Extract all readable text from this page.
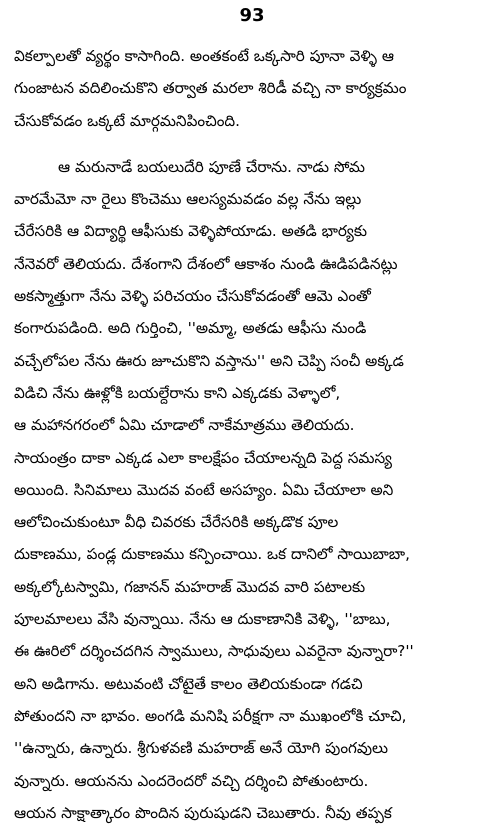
93
వికల్పాలతో వ్యర్థం కాసాగింది. అంతకంటే ఒక్కసారి పూనా వెళ్ళి ఆ
గుంజాటన వదిలించుకొని తర్వాత మరలా శిరిడీ వచ్చి నా కార్యక్రమం
చేసుకోవడం ఒక్కటే మార్గమనిపించింది.
ఆ మరునాడే బయలుదేరి పూణే చేరాను. నాడు సోమ
వారమేమో నా రైలు కొంచెము ఆలస్యమవడం వల్ల నేను ఇల్లు
చేరేసరికి ఆ విద్యార్థి ఆఫీసుకు వెళ్ళిపోయాడు. అతడి భార్యకు
నేనెవరో తెలియదు. దేశంగాని దేశంలో ఆకాశం నుండి ఊడిపడినట్లు
అకస్మాత్తుగా నేను వెళ్ళి పరిచయం చేసుకోవడంతో ఆమె ఎంతో
కంగారుపడింది. అది గుర్తించి, ''అమ్మా, అతడు ఆఫీసు నుండి
వచ్చేలోపల నేను ఊరు జూచుకొని వస్తాను'' అని చెప్పి సంచీ అక్కడ
విడిచి నేను ఊళ్లోకి బయల్దేరాను కాని ఎక్కడకు వెళ్ళాలో,
ఆ మహానగరంలో ఏమి చూడాలో నాకేమాత్రము తెలియదు.
సాయంత్రం దాకా ఎక్కడ ఎలా కాలక్షేపం చేయాలన్నది పెద్ద సమస్య
అయింది. సినిమాలు మొదవ వంటే అసహ్యం. ఏమి చేయాలా అని
ఆలోచించుకుంటూ వీధి చివరకు చేరేసరికి అక్కడొక పూల
దుకాణము, పండ్ల దుకాణము కన్పించాయి. ఒక దానిలో సాయిబాబా,
అక్కల్కోటస్వామి, గజానన్ మహరాజ్ మొదవ వారి పటాలకు
పూలమాలలు వేసి వున్నాయి. నేను ఆ దుకాణానికి వెళ్ళి, ''బాబు,
ఈ ఊరిలో దర్శించదగిన స్వాములు, సాధువులు ఎవరైనా వున్నారా?''
అని అడిగాను. అటువంటి చోటైతే కాలం తెలియకుండా గడచి
పోతుందని నా భావం. అంగడి మనిషి పరీక్షగా నా ముఖంలోకి చూచి,
''ఉన్నారు, ఉన్నారు. శ్రీగుళవణి మహరాజ్ అనే యోగి పుంగవులు
వున్నారు. ఆయనను ఎందరెందరో వచ్చి దర్శించి పోతుంటారు.
ఆయన సాక్షాత్కారం పొందిన పురుషుడని చెబుతారు. నీవు తప్పక
